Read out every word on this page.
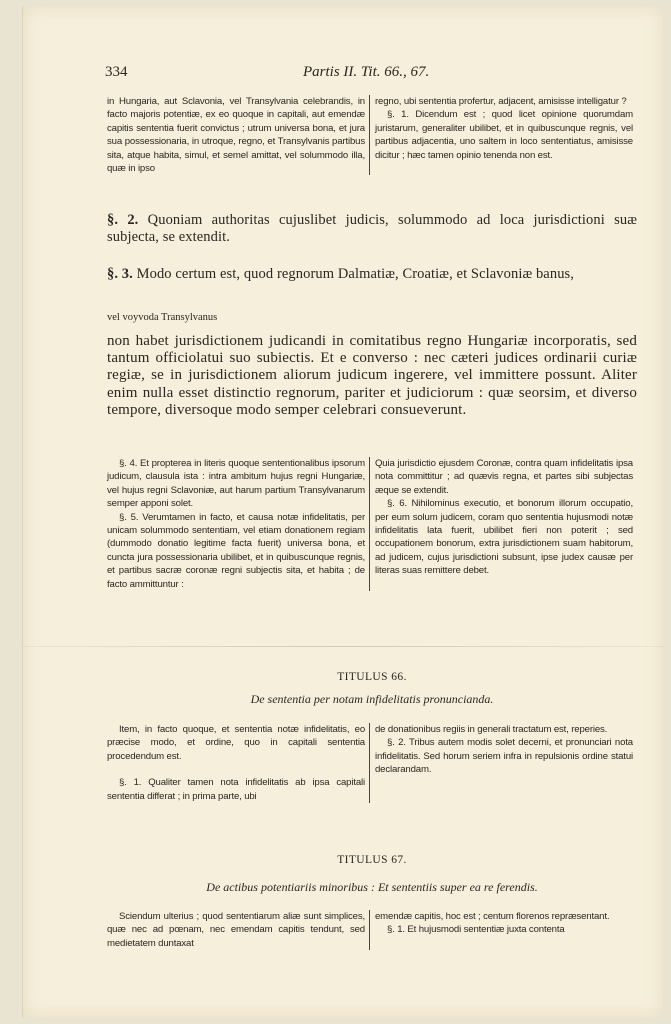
334	Partis II. Tit. 66., 67.

in Hungaria, aut Sclavonia, vel Transylvania celebrandis, in facto majoris potentiæ, ex eo quoque in capitali, aut emendæ capitis sententia fuerit convictus ; utrum universa bona, et jura sua possessionaria, in utroque, regno, et Transylvanis partibus sita, atque habita, simul, et semel amittat, vel solummodo illa, quæ in ipso

regno, ubi sententia profertur, adjacent, amisisse intelligatur ?

§. 1. Dicendum est ; quod licet opinione quorumdam juristarum, generaliter ubilibet, et in quibuscunque regnis, vel partibus adjacentia, uno saltem in loco sententiatus, amisisse dicitur ; hæc tamen opinio tenenda non est.

§. 2. Quoniam authoritas cujuslibet judicis, solummodo ad loca jurisdictioni suæ subjecta, se extendit.
§. 3. Modo certum est, quod regnorum Dalmatiæ, Croatiæ, et Sclavoniæ banus,
vel voyvoda Transylvanus
non habet jurisdictionem judicandi in comitatibus regno Hungariæ incorporatis, sed tantum officiolatui suo subiectis. Et e converso : nec cæteri judices ordinarii curiæ regiæ, se in jurisdictionem aliorum judicum ingerere, vel immittere possunt. Aliter enim nulla esset distinctio regnorum, pariter et judiciorum : quæ seorsim, et diverso tempore, diversoque modo semper celebrari consueverunt.

§. 4. Et propterea in literis quoque sententionalibus ipsorum judicum, clausula ista : intra ambitum hujus regni Hungariæ, vel hujus regni Sclavoniæ, aut harum partium Transylvanarum semper apponi solet.

§. 5. Verumtamen in facto, et causa notæ infidelitatis, per unicam solummodo sententiam, vel etiam donationem regiam (dummodo donatio legitime facta fuerit) universa bona, et cuncta jura possessionaria ubilibet, et in quibuscunque regnis, et partibus sacræ coronæ regni subjectis sita, et habita ; de facto ammittuntur :

Quia jurisdictio ejusdem Coronæ, contra quam infidelitatis ipsa nota committitur ; ad quævis regna, et partes sibi subjectas æque se extendit.

§. 6. Nihilominus executio, et bonorum illorum occupatio, per eum solum judicem, coram quo sententia hujusmodi notæ infidelitatis lata fuerit, ubilibet fieri non poterit ; sed occupationem bonorum, extra jurisdictionem suam habitorum, ad judicem, cujus jurisdictioni subsunt, ipse judex causæ per literas suas remittere debet.

TITULUS 66.
De sententia per notam infidelitatis pronuncianda.

Item, in facto quoque, et sententia notæ infidelitatis, eo præcise modo, et ordine, quo in capitali sententia procedendum est.

§. 1. Qualiter tamen nota infidelitatis ab ipsa capitali sententia differat ; in prima parte, ubi

de donationibus regiis in generali tractatum est, reperies.

§. 2. Tribus autem modis solet decerni, et pronunciari nota infidelitatis. Sed horum seriem infra in repulsionis ordine statui declarandam.

TITULUS 67.
De actibus potentiariis minoribus : Et sententiis super ea re ferendis.

Sciendum ulterius ; quod sententiarum aliæ sunt simplices, quæ nec ad pœnam, nec emendam capitis tendunt, sed medietatem duntaxat

emendæ capitis, hoc est ; centum florenos repræsentant.

§. 1. Et hujusmodi sententiæ juxta contenta
